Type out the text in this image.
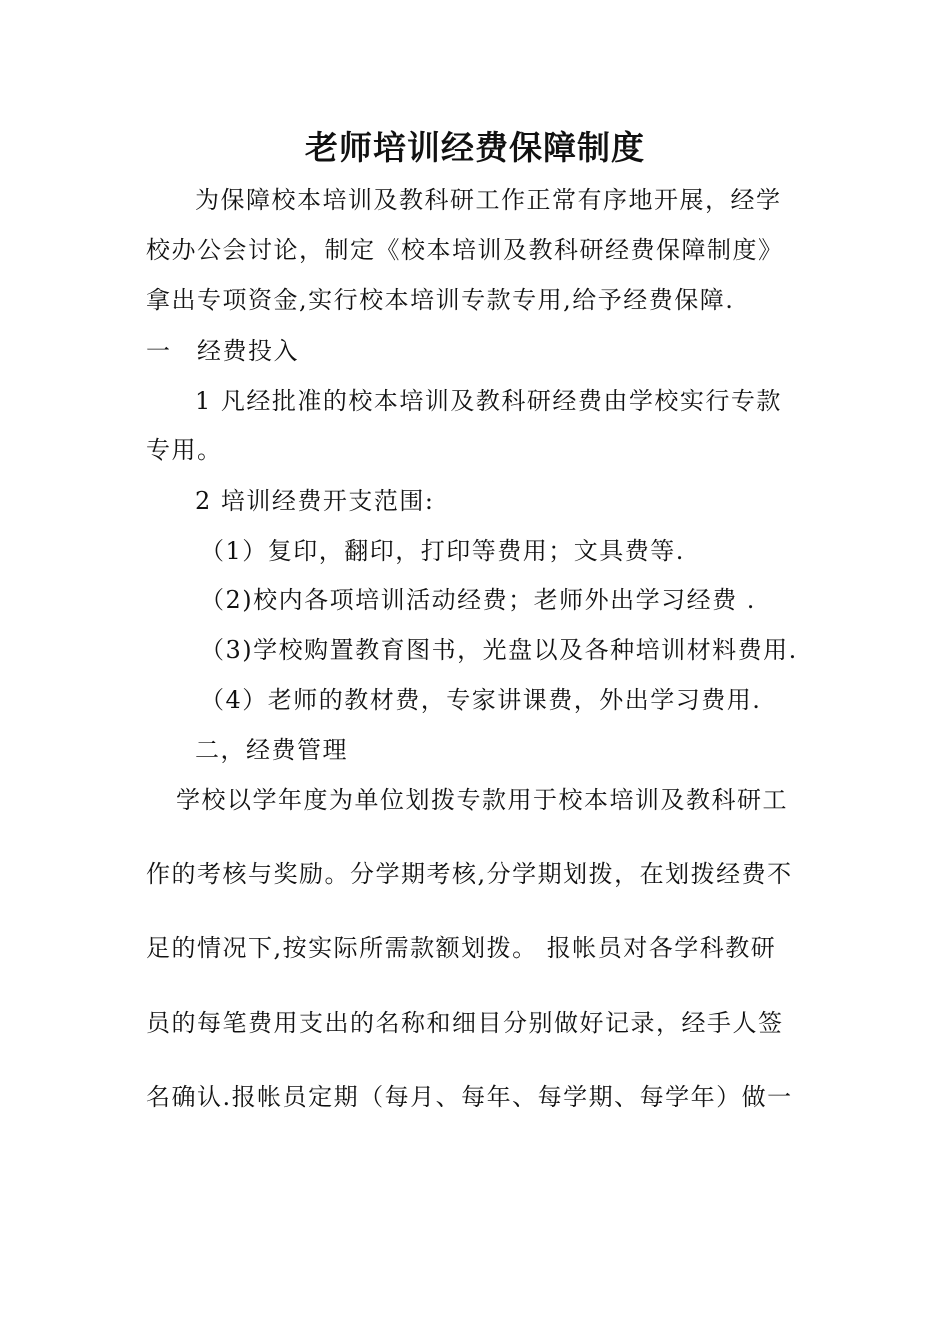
老师培训经费保障制度
为保障校本培训及教科研工作正常有序地开展，经学
校办公会讨论，制定《校本培训及教科研经费保障制度》
拿出专项资金,实行校本培训专款专用,给予经费保障.
一　经费投入
1 凡经批准的校本培训及教科研经费由学校实行专款
专用。
2 培训经费开支范围:
（1）复印，翻印，打印等费用；文具费等.
（2)校内各项培训活动经费；老师外出学习经费 .
（3)学校购置教育图书，光盘以及各种培训材料费用.
（4）老师的教材费，专家讲课费，外出学习费用.
二，经费管理
学校以学年度为单位划拨专款用于校本培训及教科研工
作的考核与奖励。分学期考核,分学期划拨，在划拨经费不
足的情况下,按实际所需款额划拨。 报帐员对各学科教研
员的每笔费用支出的名称和细目分别做好记录，经手人签
名确认.报帐员定期（每月、每年、每学期、每学年）做一
